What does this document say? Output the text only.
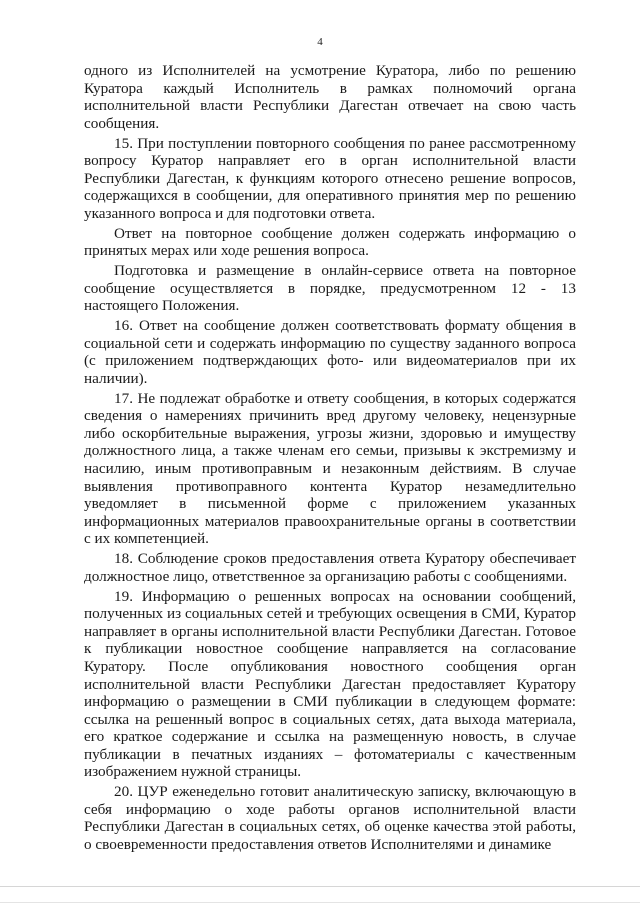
4

одного из Исполнителей на усмотрение Куратора, либо по решению Куратора каждый Исполнитель в рамках полномочий органа исполнительной власти Республики Дагестан отвечает на свою часть сообщения.

15. При поступлении повторного сообщения по ранее рассмотренному вопросу Куратор направляет его в орган исполнительной власти Республики Дагестан, к функциям которого отнесено решение вопросов, содержащихся в сообщении, для оперативного принятия мер по решению указанного вопроса и для подготовки ответа.

Ответ на повторное сообщение должен содержать информацию о принятых мерах или ходе решения вопроса.

Подготовка и размещение в онлайн-сервисе ответа на повторное сообщение осуществляется в порядке, предусмотренном 12 - 13 настоящего Положения.

16. Ответ на сообщение должен соответствовать формату общения в социальной сети и содержать информацию по существу заданного вопроса (с приложением подтверждающих фото- или видеоматериалов при их наличии).

17. Не подлежат обработке и ответу сообщения, в которых содержатся сведения о намерениях причинить вред другому человеку, нецензурные либо оскорбительные выражения, угрозы жизни, здоровью и имуществу должностного лица, а также членам его семьи, призывы к экстремизму и насилию, иным противоправным и незаконным действиям. В случае выявления противоправного контента Куратор незамедлительно уведомляет в письменной форме с приложением указанных информационных материалов правоохранительные органы в соответствии с их компетенцией.

18. Соблюдение сроков предоставления ответа Куратору обеспечивает должностное лицо, ответственное за организацию работы с сообщениями.

19. Информацию о решенных вопросах на основании сообщений, полученных из социальных сетей и требующих освещения в СМИ, Куратор направляет в органы исполнительной власти Республики Дагестан. Готовое к публикации новостное сообщение направляется на согласование Куратору. После опубликования новостного сообщения орган исполнительной власти Республики Дагестан предоставляет Куратору информацию о размещении в СМИ публикации в следующем формате: ссылка на решенный вопрос в социальных сетях, дата выхода материала, его краткое содержание и ссылка на размещенную новость, в случае публикации в печатных изданиях – фотоматериалы с качественным изображением нужной страницы.

20. ЦУР еженедельно готовит аналитическую записку, включающую в себя информацию о ходе работы органов исполнительной власти Республики Дагестан в социальных сетях, об оценке качества этой работы, о своевременности предоставления ответов Исполнителями и динамике
